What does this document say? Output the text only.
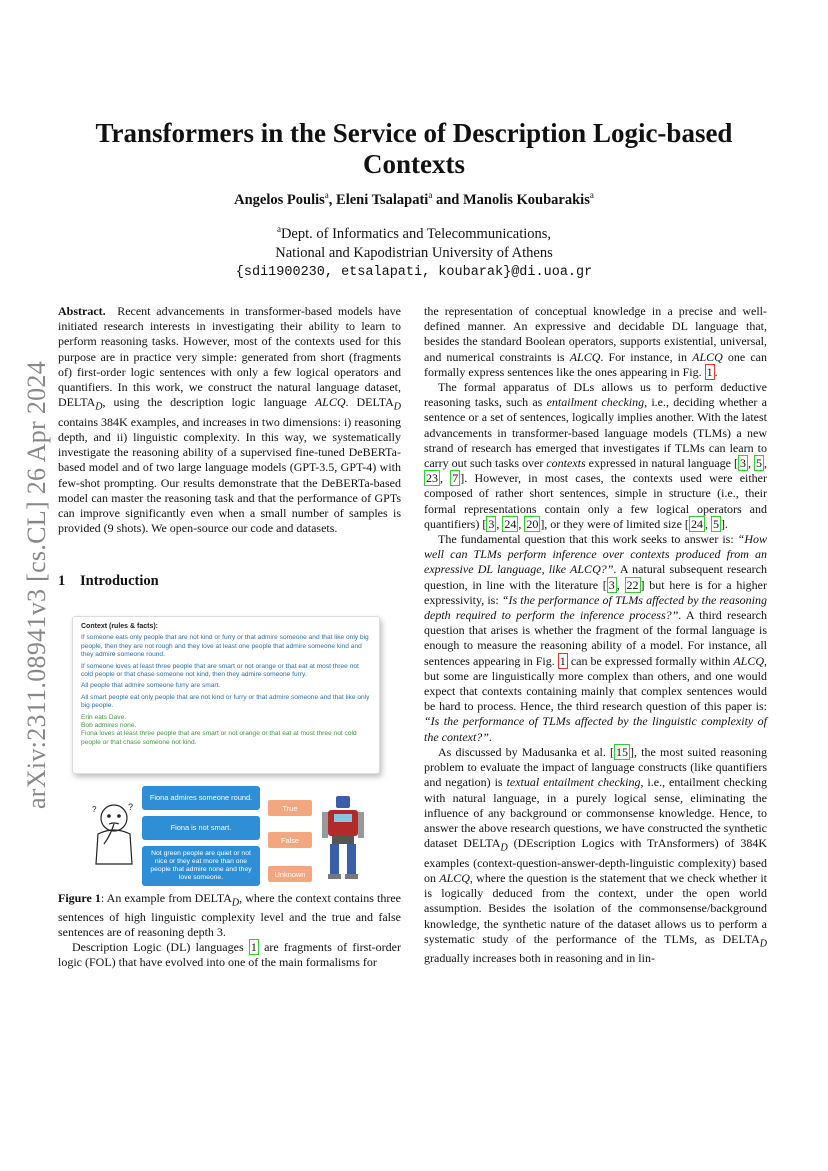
Transformers in the Service of Description Logic-based
Contexts
Angelos Poulis$^a$, Eleni Tsalapati$^a$ and Manolis Koubarakis$^a$
$^a$Dept. of Informatics and Telecommunications,
National and Kapodistrian University of Athens
{sdi1900230, etsalapati, koubarak}@di.uoa.gr
arXiv:2311.08941v3 [cs.CL] 26 Apr 2024

Abstract. Recent advancements in transformer-based models have initiated research interests in investigating their ability to learn to perform reasoning tasks. However, most of the contexts used for this purpose are in practice very simple: generated from short (fragments of) first-order logic sentences with only a few logical operators and quantifiers. In this work, we construct the natural language dataset, $DELTA_D$, using the description logic language ALCQ. $DELTA_D$ contains 384K examples, and increases in two dimensions: i) reasoning depth, and ii) linguistic complexity. In this way, we systematically investigate the reasoning ability of a supervised fine-tuned DeBERTa-based model and of two large language models (GPT-3.5, GPT-4) with few-shot prompting. Our results demonstrate that the DeBERTa-based model can master the reasoning task and that the performance of GPTs can improve significantly even when a small number of samples is provided (9 shots). We open-source our code and datasets.

1 Introduction
Context (rules & facts):
If someone eats only people that are not kind or furry or that admire someone and that like only big people, then they are not rough and they love at least one people that admire someone kind and they admire someone round.
If someone loves at least three people that are smart or not orange or that eat at most three not cold people or that chase someone not kind, then they admire someone furry.
All people that admire someone furry are smart.
All smart people eat only people that are not kind or furry or that admire someone and that like only big people.
Erin eats Dave.
Bob admires none.
Fiona loves at least three people that are smart or not orange or that eat at most three not cold people or that chase someone not kind.
?
?
Fiona admires someone round.
Fiona is not smart.
Not green people are quiet or not nice or they eat more than one people that admire none and they love someone.
True
False
Unknown
Figure 1: An example from $DELTA_D$, where the context contains three sentences of high linguistic complexity level and the true and false sentences are of reasoning depth 3.

Description Logic (DL) languages 1 are fragments of first-order logic (FOL) that have evolved into one of the main formalisms for

the representation of conceptual knowledge in a precise and well-defined manner. An expressive and decidable DL language that, besides the standard Boolean operators, supports existential, universal, and numerical constraints is ALCQ. For instance, in ALCQ one can formally express sentences like the ones appearing in Fig. 1 .

The formal apparatus of DLs allows us to perform deductive reasoning tasks, such as entailment checking, i.e., deciding whether a sentence or a set of sentences, logically implies another. With the latest advancements in transformer-based language models (TLMs) a new strand of research has emerged that investigates if TLMs can learn to carry out such tasks over contexts expressed in natural language [ 3 , 5 , 23 , 7 ]. However, in most cases, the contexts used were either composed of rather short sentences, simple in structure (i.e., their formal representations contain only a few logical operators and quantifiers) [ 3 , 24 , 20 ], or they were of limited size [ 24 , 5 ].

The fundamental question that this work seeks to answer is: “How well can TLMs perform inference over contexts produced from an expressive DL language, like ALCQ?”. A natural subsequent research question, in line with the literature [ 3 , 22 ] but here is for a higher expressivity, is: “Is the performance of TLMs affected by the reasoning depth required to perform the inference process?”. A third research question that arises is whether the fragment of the formal language is enough to measure the reasoning ability of a model. For instance, all sentences appearing in Fig. 1 can be expressed formally within ALCQ, but some are linguistically more complex than others, and one would expect that contexts containing mainly that complex sentences would be hard to process. Hence, the third research question of this paper is: “Is the performance of TLMs affected by the linguistic complexity of the context?”.

As discussed by Madusanka et al. [ 15 ], the most suited reasoning problem to evaluate the impact of language constructs (like quantifiers and negation) is textual entailment checking, i.e., entailment checking with natural language, in a purely logical sense, eliminating the influence of any background or commonsense knowledge. Hence, to answer the above research questions, we have constructed the synthetic dataset $DELTA_D$ (DEscription Logics with TrAnsformers) of 384K examples (context-question-answer-depth-linguistic complexity) based on ALCQ, where the question is the statement that we check whether it is logically deduced from the context, under the open world assumption. Besides the isolation of the commonsense/background knowledge, the synthetic nature of the dataset allows us to perform a systematic study of the performance of the TLMs, as $DELTA_D$ gradually increases both in reasoning and in lin-
